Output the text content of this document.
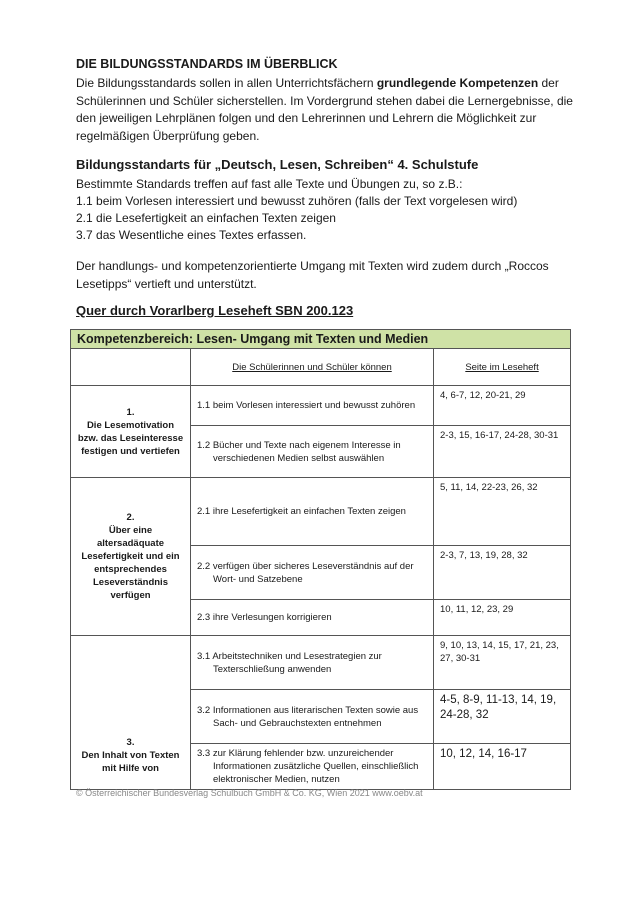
DIE BILDUNGSSTANDARDS IM ÜBERBLICK
Die Bildungsstandards sollen in allen Unterrichtsfächern grundlegende Kompetenzen der Schülerinnen und Schüler sicherstellen. Im Vordergrund stehen dabei die Lernergebnisse, die den jeweiligen Lehrplänen folgen und den Lehrerinnen und Lehrern die Möglichkeit zur regelmäßigen Überprüfung geben.
Bildungsstandarts für „Deutsch, Lesen, Schreiben“ 4. Schulstufe
Bestimmte Standards treffen auf fast alle Texte und Übungen zu, so z.B.:
1.1 beim Vorlesen interessiert und bewusst zuhören (falls der Text vorgelesen wird)
2.1 die Lesefertigkeit an einfachen Texten zeigen
3.7 das Wesentliche eines Textes erfassen.
Der handlungs- und kompetenzorientierte Umgang mit Texten wird zudem durch „Roccos Lesetipps“ vertieft und unterstützt.
Quer durch Vorarlberg Leseheft SBN 200.123
Kompetenzbereich: Lesen- Umgang mit Texten und Medien		
	Die Schülerinnen und Schüler können	Seite im Leseheft

1.
Die Lesemotivation bzw. das Leseinteresse festigen und vertiefen	1.1 beim Vorlesen interessiert und bewusst zuhören	4, 6-7, 12, 20-21, 29

	1.2 Bücher und Texte nach eigenem Interesse in verschiedenen Medien selbst auswählen	2-3, 15, 16-17, 24-28, 30-31

2.
Über eine altersadäquate Lesefertigkeit und ein entsprechendes Leseverständnis verfügen	2.1 ihre Lesefertigkeit an einfachen Texten zeigen	5, 11, 14, 22-23, 26, 32

	2.2 verfügen über sicheres Leseverständnis auf der Wort- und Satzebene	2-3, 7, 13, 19, 28, 32

	2.3 ihre Verlesungen korrigieren	10, 11, 12, 23, 29

3.
Den Inhalt von Texten mit Hilfe von	3.1 Arbeitstechniken und Lesestrategien zur Texterschließung anwenden	9, 10, 13, 14, 15, 17, 21, 23, 27, 30-31

	3.2 Informationen aus literarischen Texten sowie aus Sach- und Gebrauchstexten entnehmen	4-5, 8-9, 11-13, 14, 19, 24-28, 32

	3.3 zur Klärung fehlender bzw. unzureichender Informationen zusätzliche Quellen, einschließlich elektronischer Medien, nutzen	10, 12, 14, 16-17
© Österreichischer Bundesverlag Schulbuch GmbH & Co. KG, Wien 2021 www.oebv.at
